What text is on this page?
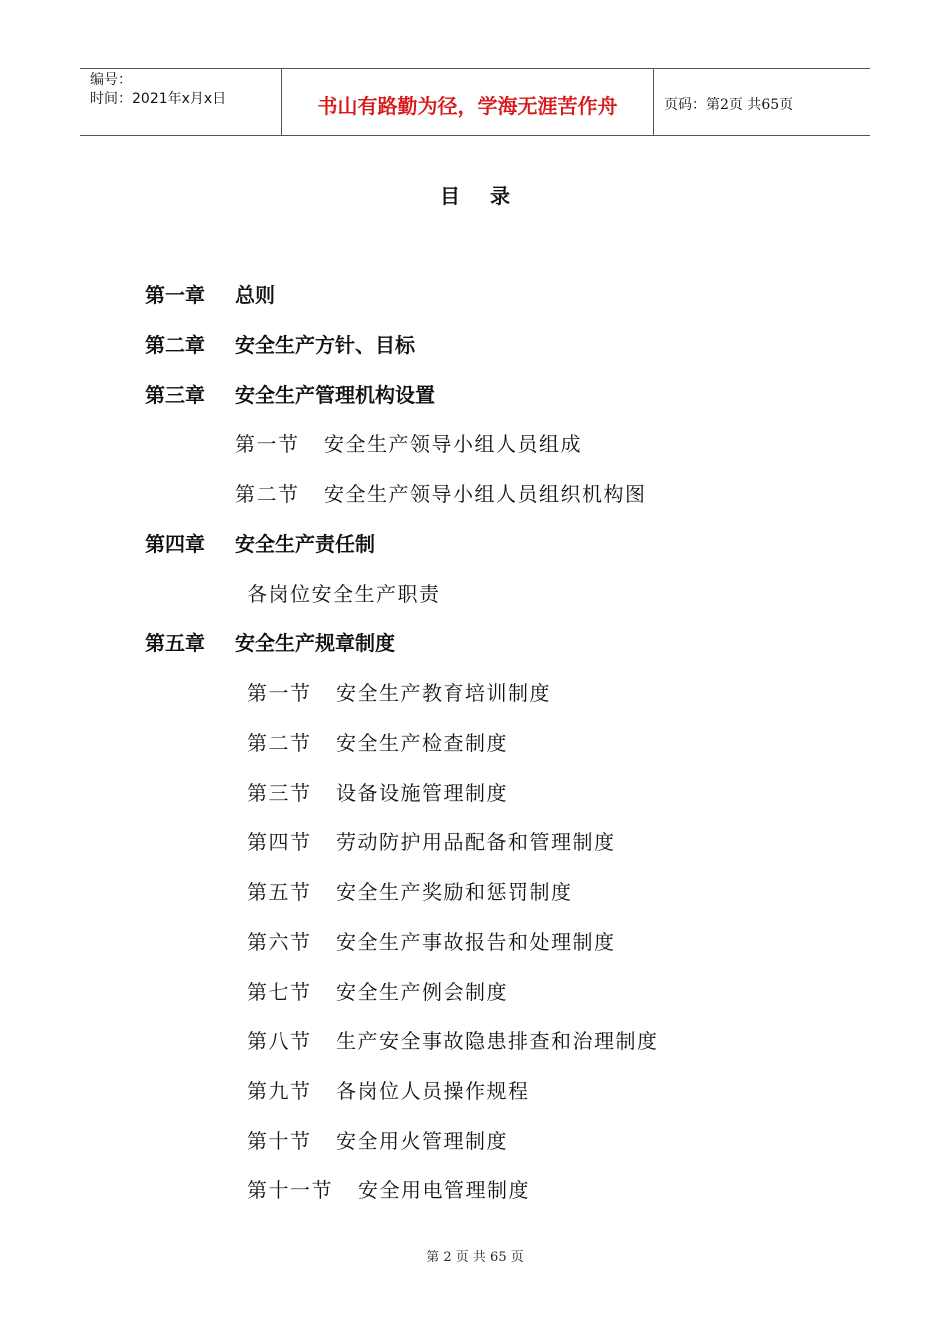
编号：
时间：2021年x月x日	书山有路勤为径，学海无涯苦作舟	页码：第2页 共65页
目录
第一章 总则
第二章 安全生产方针、目标
第三章 安全生产管理机构设置
第一节 安全生产领导小组人员组成
第二节 安全生产领导小组人员组织机构图
第四章 安全生产责任制
各岗位安全生产职责
第五章 安全生产规章制度
第一节 安全生产教育培训制度
第二节 安全生产检查制度
第三节 设备设施管理制度
第四节 劳动防护用品配备和管理制度
第五节 安全生产奖励和惩罚制度
第六节 安全生产事故报告和处理制度
第七节 安全生产例会制度
第八节 生产安全事故隐患排查和治理制度
第九节 各岗位人员操作规程
第十节 安全用火管理制度
第十一节 安全用电管理制度
第 2 页 共 65 页
